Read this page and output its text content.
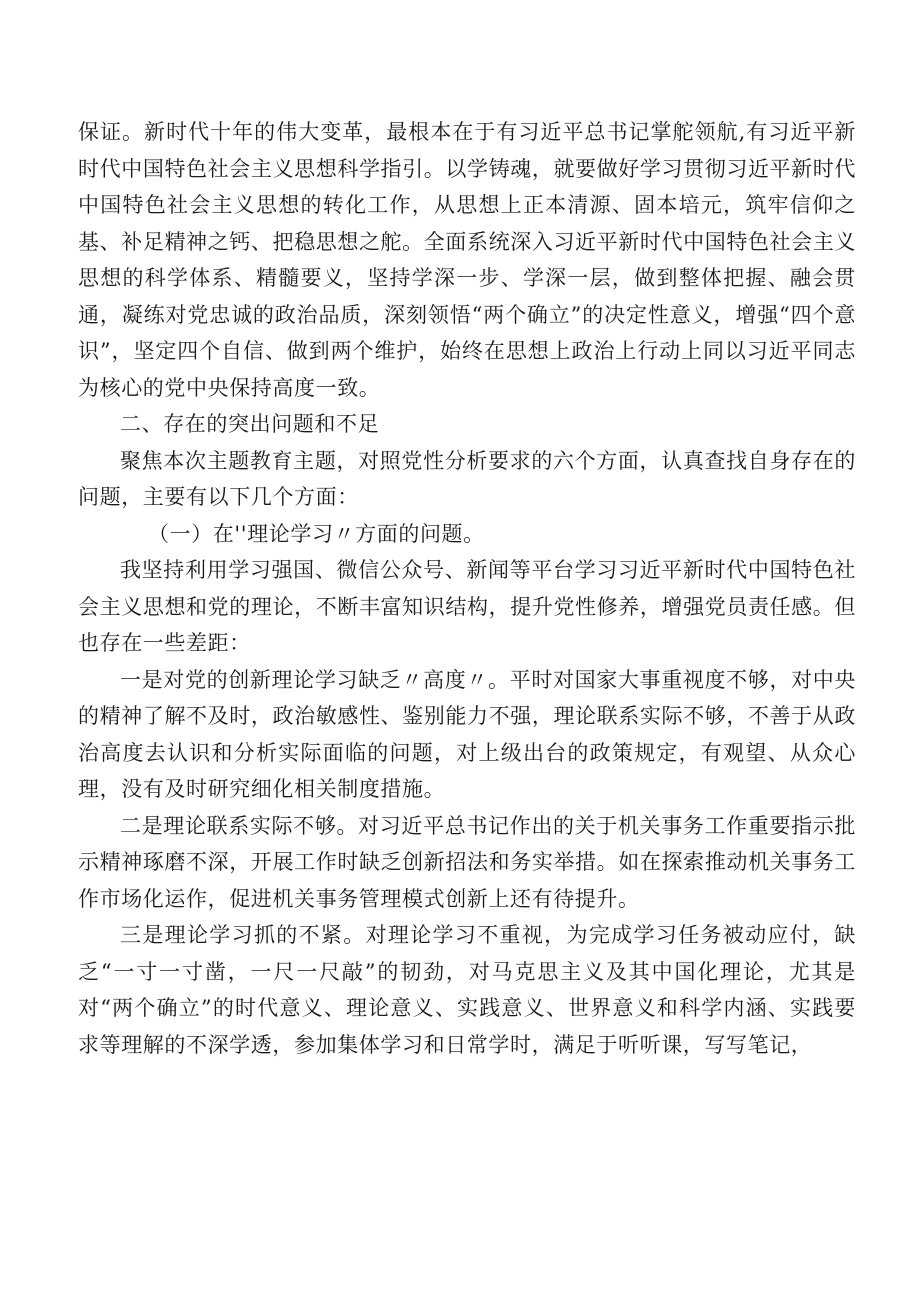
保证。新时代十年的伟大变革，最根本在于有习近平总书记掌舵领航,有习近平新时代中国特色社会主义思想科学指引。以学铸魂，就要做好学习贯彻习近平新时代中国特色社会主义思想的转化工作，从思想上正本清源、固本培元，筑牢信仰之基、补足精神之钙、把稳思想之舵。全面系统深入习近平新时代中国特色社会主义思想的科学体系、精髓要义，坚持学深一步、学深一层，做到整体把握、融会贯通，凝练对党忠诚的政治品质，深刻领悟“两个确立”的决定性意义，增强“四个意识”，坚定四个自信、做到两个维护，始终在思想上政治上行动上同以习近平同志为核心的党中央保持高度一致。

二、存在的突出问题和不足

聚焦本次主题教育主题，对照党性分析要求的六个方面，认真查找自身存在的问题，主要有以下几个方面：

（一）在''理论学习〃方面的问题。

我坚持利用学习强国、微信公众号、新闻等平台学习习近平新时代中国特色社会主义思想和党的理论，不断丰富知识结构，提升党性修养，增强党员责任感。但也存在一些差距：

一是对党的创新理论学习缺乏〃高度〃。平时对国家大事重视度不够，对中央的精神了解不及时，政治敏感性、鉴别能力不强，理论联系实际不够，不善于从政治高度去认识和分析实际面临的问题，对上级出台的政策规定，有观望、从众心理，没有及时研究细化相关制度措施。

二是理论联系实际不够。对习近平总书记作出的关于机关事务工作重要指示批示精神琢磨不深，开展工作时缺乏创新招法和务实举措。如在探索推动机关事务工作市场化运作，促进机关事务管理模式创新上还有待提升。

三是理论学习抓的不紧。对理论学习不重视，为完成学习任务被动应付，缺乏“一寸一寸凿，一尺一尺敲”的韧劲，对马克思主义及其中国化理论，尤其是对“两个确立”的时代意义、理论意义、实践意义、世界意义和科学内涵、实践要求等理解的不深学透，参加集体学习和日常学时，满足于听听课，写写笔记，
